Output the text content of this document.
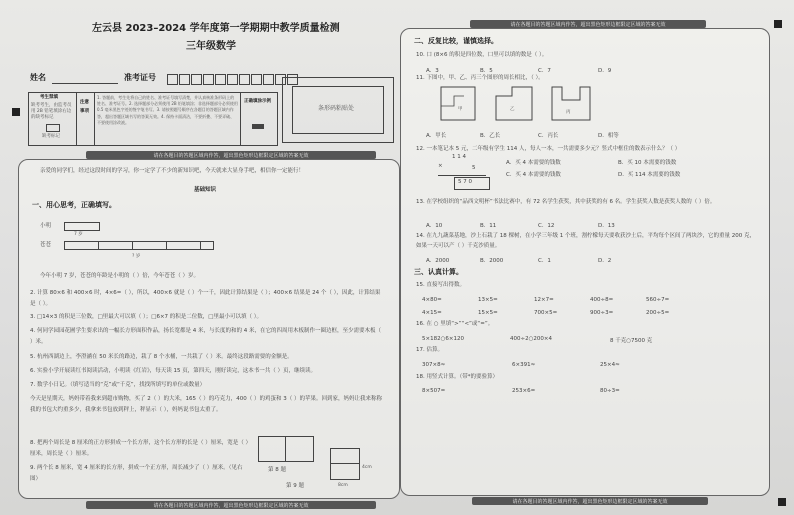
左云县 2023–2024 学年度第一学期期中教学质量检测
三年级数学
姓名	准考证号
条形码粘贴处
考生禁填
缺考考生，由监考员用 2B 铅笔填涂右边的缺考标记
缺考标记
注意事项
1. 答题前，考生先将自己的姓名、准考证号填写清楚，并认真核准条形码上的姓名、准考证号。2. 选择题部分必须使用 2B 铅笔填涂；非选择题部分必须使用 0.5 毫米黑色字迹的签字笔书写。3. 请按照题号顺序在各题目的答题区域内作答，超出答题区域书写的答案无效。4. 保持卡面清洁，不要折叠、不要弄破、不要使用涂改液。
正确填涂示例
请在各题目的答题区域内作答，超出黑色矩形边框限定区域的答案无效
亲爱的同学们，经过这段时间的学习，你一定学了不少的新知识吧，今天就来大显身手吧，相信你一定能行！
基础知识
一、用心思考，正确填写。
小明
7 岁
苍苍
? 岁
今年小明 7 岁，苍苍的年龄是小明的（ ）倍，今年苍苍（ ）岁。
2. 计算 80×6 和 400×6 时，4×6=（ ），所以，400×6 就是（ ）个一千，因此计算结果是（ ）；400×6 结果是 24 个（ ），因此，计算结果是（ ）。
3. □14×3 的积是三位数，□里最大可以填（ ）；□6×7 的积是二位数，□里最小可以填（ ）。
4. 何同学园园花圃学生要求出的一幅长方形面积作品，扬长宽都是 4 米，与长度的和的 4 米，在它的四周用木板制作一圈边框，至少需要木板（ ）米。
5. 杭州西湖边上，李澄涵在 50 米长的路边，栽了 8 个水桶，一共栽了（ ）米。最终这段路需要的金额是。
6. 实验小学开展读红书阅读活动，小明读《红岩》，每天读 15 页，第四天，刚好读完，这本书一共（ ）页，继续读。
7. 数学小日记。（填写适当的“克”或“千克”，找找所填写的单位或数量）
今天是星期天，妈妈带着我来到超市购物，买了 2（ ）的大米，165（ ）的巧克力，400（ ）的鸡蛋和 3（ ）的苹果。回到家，妈妈让我来称称我的书包大约重多少，我拿来书包放到秤上，秤显示（ ），妈妈说书包太重了。
8. 把两个周长是 8 厘米的正方形拼成一个长方形，这个长方形的长是（ ）厘米，宽是（ ）厘米，周长是（ ）厘米。
9. 两个长 8 厘米，宽 4 厘米的长方形，拼成一个正方形，周长减少了（ ）厘米。（见右图）
第 8 题	4cm
8cm
第 9 题
请在各题目的答题区域内作答，超出黑色矩形边框限定区域的答案无效
请在各题目的答题区域内作答，超出黑色矩形边框限定区域的答案无效
二、反复比较，谨慎选择。
10. 口 (8×6 的积是四位数，口里可以填的数是（ ）。
A．3	B．5	C．7	D．9
11. 下图中，甲、乙、丙三个图形的周长相比，（ ）。
甲	乙
丙
A．甲长	B．乙长	C．丙长	D．相等
12. 一本笔记本 5 元，二年级有学生 114 人，每人一本，一共需要多少元？竖式中框住的数表示什么？（ ）
1 1 4
×	5
5 7 0
A．买 4 本需要的钱数	B．买 10 本需要的钱数
C．买 4 本需要的钱数	D．买 114 本需要的钱数
13. 在学校组织的“品西文明杯”书法比赛中，有 72 名学生获奖，其中获奖的有 6 名。学生获奖人数是获奖人数的（ ）倍。
A．10	B．11	C．12	D．13
14. 在九九蔬菜基地，沙上石栽了 18 棵树，在小学三年级 1 个班，割柠檬每天要收获沙土后，平均每个区间了两块沙，它的重量 200 克，如果一天可以产（ ）千克沙质量。
A．2000	B．2000	C．1	D．2
三、认真计算。
15. 直接写出得数。
4×80=	13×5=	12×7=	400÷8=	560÷7=
4×15=	15×5=	700×5=	900÷3=	200÷5=
16. 在 ○ 里填“>”“<”或“=”。
5×182○6×120	400÷2○200×4	8 千克○7500 克
17. 估算。
307×8≈	6×391≈	25×4≈
18. 用竖式计算。（带*的要验算）
8×507=	253×6=	80÷3=
请在各题目的答题区域内作答，超出黑色矩形边框限定区域的答案无效
